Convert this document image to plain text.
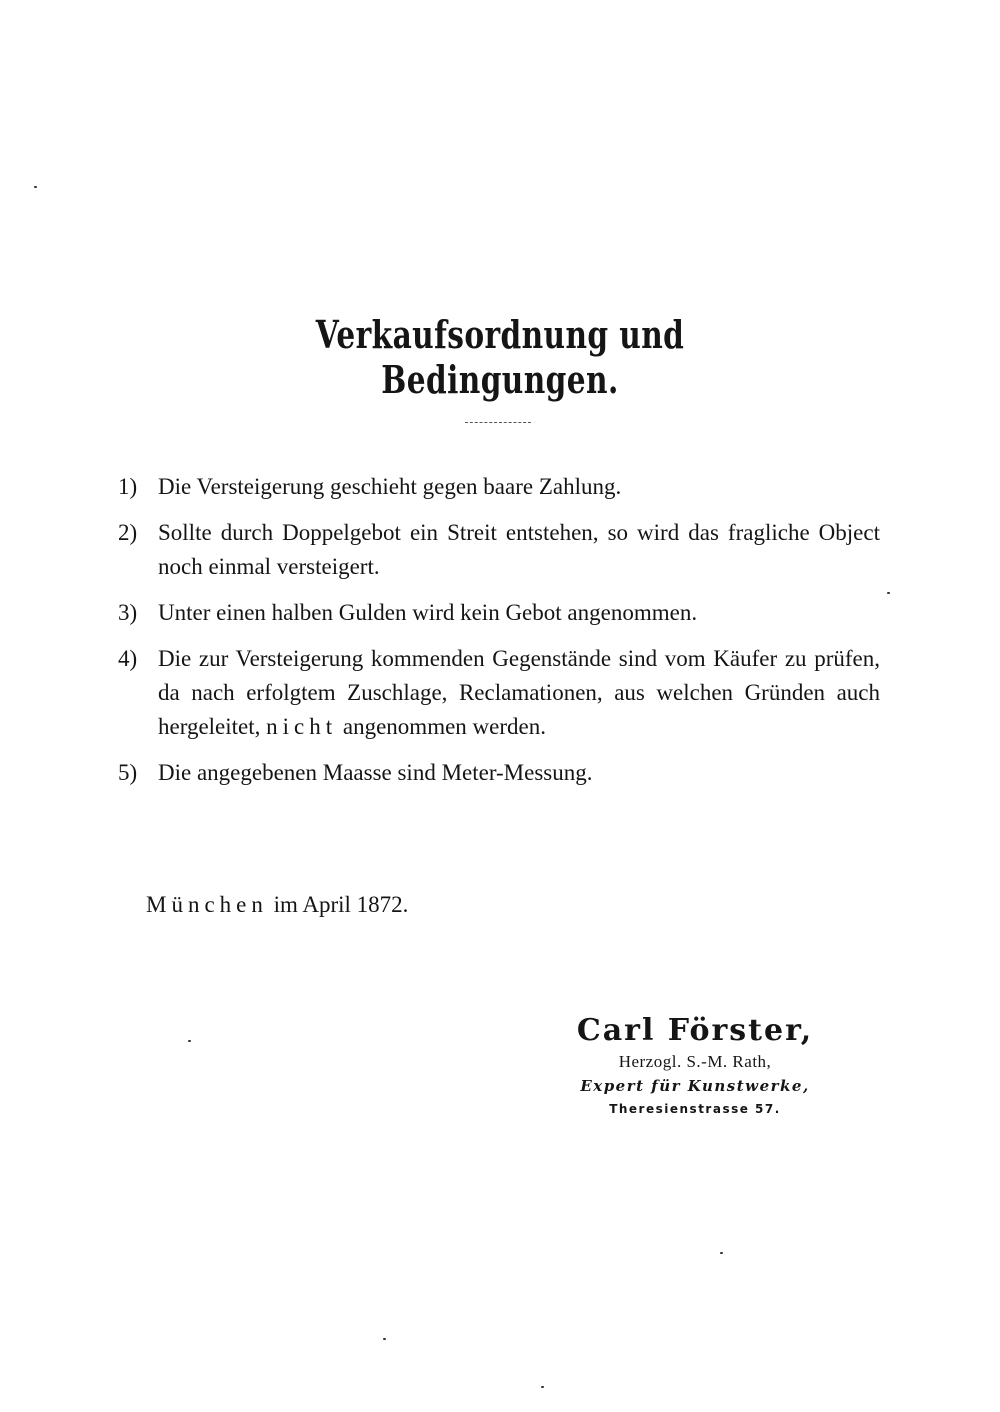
Verkaufsordnung und Bedingungen.
1) Die Versteigerung geschieht gegen baare Zahlung.
2) Sollte durch Doppelgebot ein Streit entstehen, so wird das fragliche Object noch einmal versteigert.
3) Unter einen halben Gulden wird kein Gebot angenommen.
4) Die zur Versteigerung kommenden Gegenstände sind vom Käufer zu prüfen, da nach erfolgtem Zuschlage, Reclamationen, aus welchen Gründen auch hergeleitet, nicht angenommen werden.
5) Die angegebenen Maasse sind Meter-Messung.

München im April 1872.

Carl Förster,
Herzogl. S.-M. Rath,
Expert für Kunstwerke,
Theresienstrasse 57.
